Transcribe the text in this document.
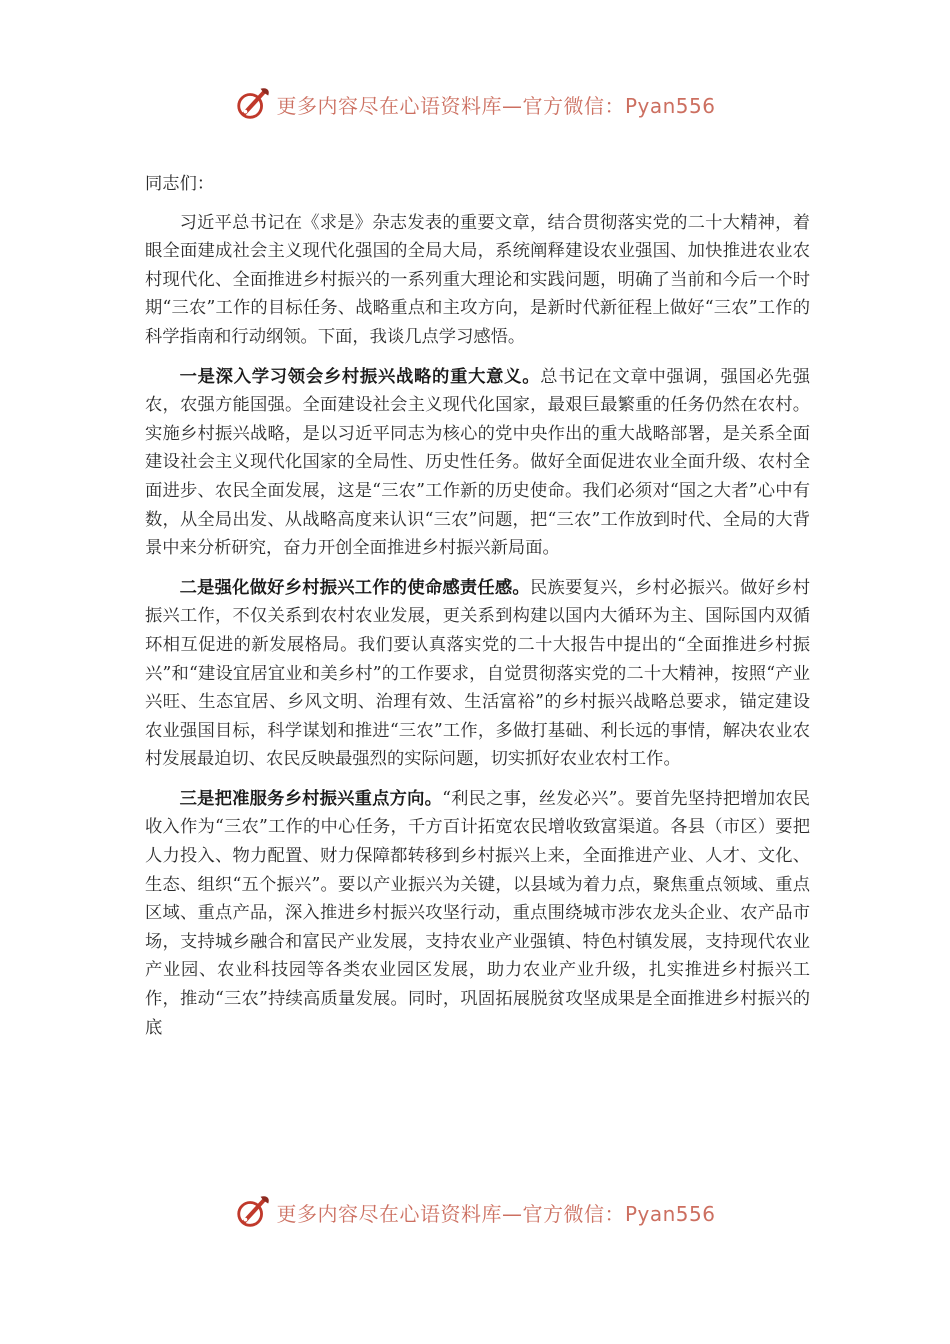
更多内容尽在心语资料库—官方微信：Pyan556

同志们：

习近平总书记在《求是》杂志发表的重要文章，结合贯彻落实党的二十大精神，着眼全面建成社会主义现代化强国的全局大局，系统阐释建设农业强国、加快推进农业农村现代化、全面推进乡村振兴的一系列重大理论和实践问题，明确了当前和今后一个时期“三农”工作的目标任务、战略重点和主攻方向，是新时代新征程上做好“三农”工作的科学指南和行动纲领。下面，我谈几点学习感悟。

一是深入学习领会乡村振兴战略的重大意义。总书记在文章中强调，强国必先强农，农强方能国强。全面建设社会主义现代化国家，最艰巨最繁重的任务仍然在农村。实施乡村振兴战略，是以习近平同志为核心的党中央作出的重大战略部署，是关系全面建设社会主义现代化国家的全局性、历史性任务。做好全面促进农业全面升级、农村全面进步、农民全面发展，这是“三农”工作新的历史使命。我们必须对“国之大者”心中有数，从全局出发、从战略高度来认识“三农”问题，把“三农”工作放到时代、全局的大背景中来分析研究，奋力开创全面推进乡村振兴新局面。

二是强化做好乡村振兴工作的使命感责任感。民族要复兴，乡村必振兴。做好乡村振兴工作，不仅关系到农村农业发展，更关系到构建以国内大循环为主、国际国内双循环相互促进的新发展格局。我们要认真落实党的二十大报告中提出的“全面推进乡村振兴”和“建设宜居宜业和美乡村”的工作要求，自觉贯彻落实党的二十大精神，按照“产业兴旺、生态宜居、乡风文明、治理有效、生活富裕”的乡村振兴战略总要求，锚定建设农业强国目标，科学谋划和推进“三农”工作，多做打基础、利长远的事情，解决农业农村发展最迫切、农民反映最强烈的实际问题，切实抓好农业农村工作。

三是把准服务乡村振兴重点方向。“利民之事，丝发必兴”。要首先坚持把增加农民收入作为“三农”工作的中心任务，千方百计拓宽农民增收致富渠道。各县（市区）要把人力投入、物力配置、财力保障都转移到乡村振兴上来，全面推进产业、人才、文化、生态、组织“五个振兴”。要以产业振兴为关键，以县域为着力点，聚焦重点领域、重点区域、重点产品，深入推进乡村振兴攻坚行动，重点围绕城市涉农龙头企业、农产品市场，支持城乡融合和富民产业发展，支持农业产业强镇、特色村镇发展，支持现代农业产业园、农业科技园等各类农业园区发展，助力农业产业升级，扎实推进乡村振兴工作，推动“三农”持续高质量发展。同时，巩固拓展脱贫攻坚成果是全面推进乡村振兴的底

更多内容尽在心语资料库—官方微信：Pyan556
